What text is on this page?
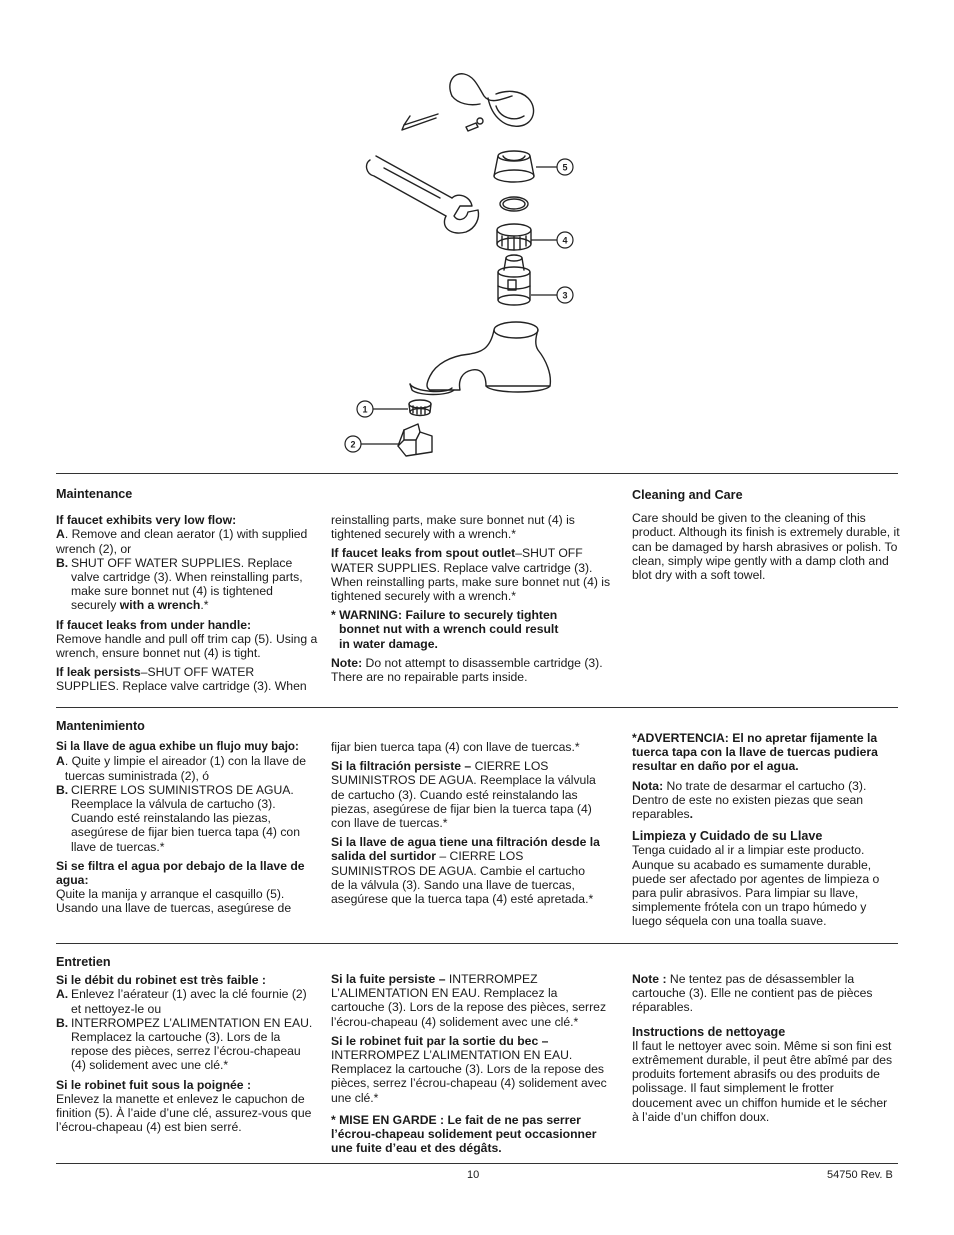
5
4
3
1
2

Maintenance

If faucet exhibits very low flow:
A. Remove and clean aerator (1) with supplied wrench (2), or
B. SHUT OFF WATER SUPPLIES. Replace valve cartridge (3). When reinstalling parts, make sure bonnet nut (4) is tightened securely with a wrench.*
If faucet leaks from under handle:

Remove handle and pull off trim cap (5). Using a wrench, ensure bonnet nut (4) is tight.

If leak persists–SHUT OFF WATER SUPPLIES. Replace valve cartridge (3). When

reinstalling parts, make sure bonnet nut (4) is tightened securely with a wrench.*

If faucet leaks from spout outlet–SHUT OFF WATER SUPPLIES. Replace valve cartridge (3). When reinstalling parts, make sure bonnet nut (4) is tightened securely with a wrench.*

* WARNING: Failure to securely tighten
bonnet nut with a wrench could result
in water damage.

Note: Do not attempt to disassemble cartridge (3). There are no repairable parts inside.

Cleaning and Care

Care should be given to the cleaning of this product. Although its finish is extremely durable, it can be damaged by harsh abrasives or polish. To clean, simply wipe gently with a damp cloth and blot dry with a soft towel.

Mantenimiento

Si la llave de agua exhibe un flujo muy bajo:
A . Quite y limpie el aireador (1) con la llave de tuercas suministrada (2), ó
B. CIERRE LOS SUMINISTROS DE AGUA. Reemplace la válvula de cartucho (3). Cuando esté reinstalando las piezas, asegúrese de fijar bien tuerca tapa (4) con llave de tuercas.*
Si se filtra el agua por debajo de la llave de agua:

Quite la manija y arranque el casquillo (5). Usando una llave de tuercas, asegúrese de

fijar bien tuerca tapa (4) con llave de tuercas.*

Si la filtración persiste – CIERRE LOS SUMINISTROS DE AGUA. Reemplace la válvula de cartucho (3). Cuando esté reinstalando las piezas, asegúrese de fijar bien la tuerca tapa (4) con llave de tuercas.*

Si la llave de agua tiene una filtración desde la salida del surtidor – CIERRE LOS SUMINISTROS DE AGUA. Cambie el cartucho de la válvula (3). Sando una llave de tuercas, asegúrese que la tuerca tapa (4) esté apretada.*

*ADVERTENCIA: El no apretar fijamente la tuerca tapa con la llave de tuercas pudiera resultar en daño por el agua.

Nota: No trate de desarmar el cartucho (3). Dentro de este no existen piezas que sean reparables.

Limpieza y Cuidado de su Llave

Tenga cuidado al ir a limpiar este producto. Aunque su acabado es sumamente durable, puede ser afectado por agentes de limpieza o para pulir abrasivos. Para limpiar su llave, simplemente frótela con un trapo húmedo y luego séquela con una toalla suave.

Entretien

Si le débit du robinet est très faible :
A. Enlevez l’aérateur (1) avec la clé fournie (2) et nettoyez-le ou
B. INTERROMPEZ L’ALIMENTATION EN EAU. Remplacez la cartouche (3). Lors de la repose des pièces, serrez l’écrou-chapeau (4) solidement avec une clé.*
Si le robinet fuit sous la poignée :

Enlevez la manette et enlevez le capuchon de finition (5). À l’aide d’une clé, assurez-vous que l’écrou-chapeau (4) est bien serré.

Si la fuite persiste – INTERROMPEZ L’ALIMENTATION EN EAU. Remplacez la cartouche (3). Lors de la repose des pièces, serrez l’écrou-chapeau (4) solidement avec une clé.*

Si le robinet fuit par la sortie du bec –
INTERROMPEZ L’ALIMENTATION EN EAU. Remplacez la cartouche (3). Lors de la repose des pièces, serrez l’écrou-chapeau (4) solidement avec une clé.*

* MISE EN GARDE : Le fait de ne pas serrer l’écrou-chapeau solidement peut occasionner une fuite d’eau et des dégâts.

Note : Ne tentez pas de désassembler la cartouche (3). Elle ne contient pas de pièces réparables.

Instructions de nettoyage

Il faut le nettoyer avec soin. Même si son fini est extrêmement durable, il peut être abîmé par des produits fortement abrasifs ou des produits de polissage. Il faut simplement le frotter doucement avec un chiffon humide et le sécher à l’aide d’un chiffon doux.

10	54750 Rev. B
